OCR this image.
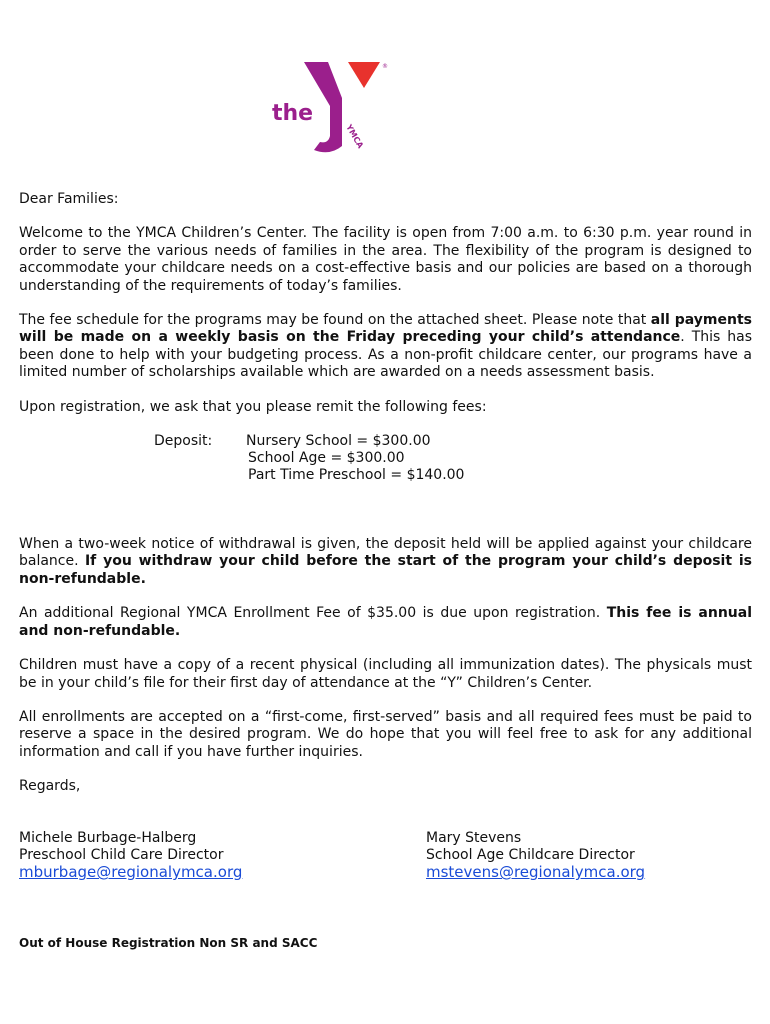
the
YMCA
®

Dear Families:

Welcome to the YMCA Children’s Center. The facility is open from 7:00 a.m. to 6:30 p.m. year round in order to serve the various needs of families in the area. The flexibility of the program is designed to accommodate your childcare needs on a cost-effective basis and our policies are based on a thorough understanding of the requirements of today’s families.

The fee schedule for the programs may be found on the attached sheet. Please note that all payments will be made on a weekly basis on the Friday preceding your child’s attendance. This has been done to help with your budgeting process. As a non-profit childcare center, our programs have a limited number of scholarships available which are awarded on a needs assessment basis.

Upon registration, we ask that you please remit the following fees:

Deposit: Nursery School = $300.00
School Age = $300.00
Part Time Preschool = $140.00

When a two-week notice of withdrawal is given, the deposit held will be applied against your childcare balance. If you withdraw your child before the start of the program your child’s deposit is non-refundable.

An additional Regional YMCA Enrollment Fee of $35.00 is due upon registration. This fee is annual and non-refundable.

Children must have a copy of a recent physical (including all immunization dates). The physicals must be in your child’s file for their first day of attendance at the “Y” Children’s Center.

All enrollments are accepted on a “first-come, first-served” basis and all required fees must be paid to reserve a space in the desired program. We do hope that you will feel free to ask for any additional information and call if you have further inquiries.

Regards,

Michele Burbage-Halberg
Preschool Child Care Director
mburbage@regionalymca.org
Mary Stevens
School Age Childcare Director
mstevens@regionalymca.org
Out of House Registration Non SR and SACC
